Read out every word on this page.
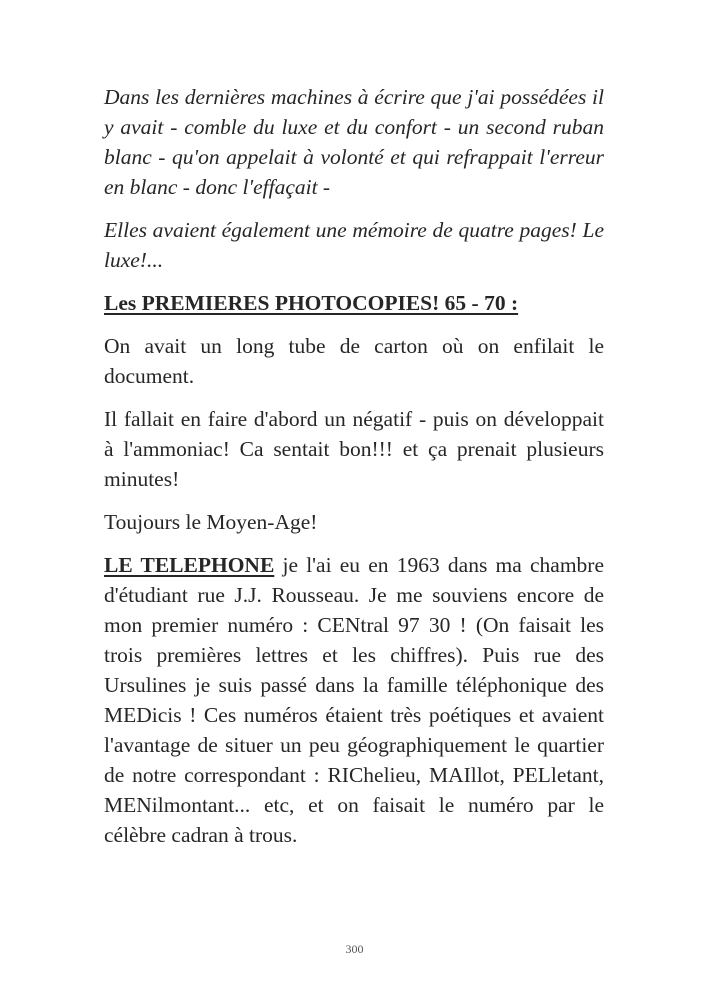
Dans les dernières machines à écrire que j'ai possédées il y avait - comble du luxe et du confort - un second ruban blanc - qu'on appelait à volonté et qui refrappait l'erreur en blanc - donc l'effaçait -

Elles avaient également une mémoire de quatre pages! Le luxe!...

Les PREMIERES PHOTOCOPIES! 65 - 70 :

On avait un long tube de carton où on enfilait le document.

Il fallait en faire d'abord un négatif - puis on développait à l'ammoniac! Ca sentait bon!!! et ça prenait plusieurs minutes!

Toujours le Moyen-Age!

LE TELEPHONE je l'ai eu en 1963 dans ma chambre d'étudiant rue J.J. Rousseau. Je me souviens encore de mon premier numéro : CENtral 97 30 ! (On faisait les trois premières lettres et les chiffres). Puis rue des Ursulines je suis passé dans la famille téléphonique des MEDicis ! Ces numéros étaient très poétiques et avaient l'avantage de situer un peu géographiquement le quartier de notre correspondant : RIChelieu, MAIllot, PELletant, MENilmontant... etc, et on faisait le numéro par le célèbre cadran à trous.

300
